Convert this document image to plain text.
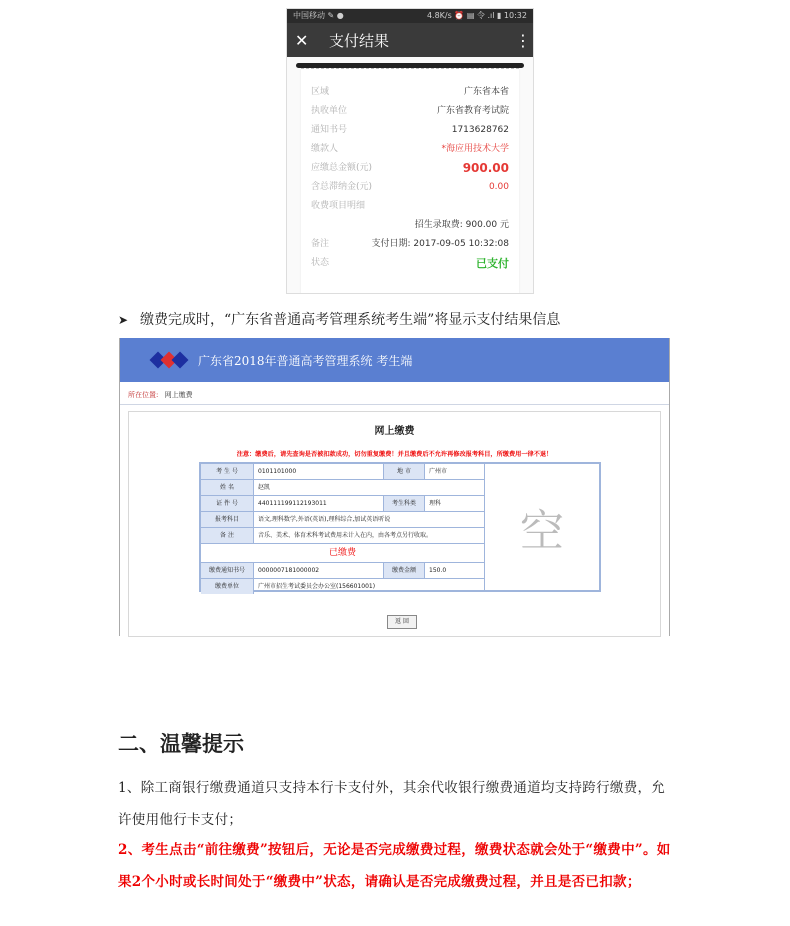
中国移动 ✎ ●	4.8K/s ⏰ ▤ 令 .ıl ▮ 10:32
✕	支付结果	⋮
区域	广东省本省
执收单位	广东省教育考试院
通知书号	1713628762
缴款人	*海应用技术大学
应缴总金额(元)	900.00
含总滞纳金(元)	0.00
收费项目明细
招生录取费: 900.00 元
备注	支付日期: 2017-09-05 10:32:08
状态	已支付
➤ 缴费完成时，“广东省普通高考管理系统考生端”将显示支付结果信息
广东省2018年普通高考管理系统 考生端
所在位置: 网上缴费
网上缴费
注意：缴费后，请先查询是否被扣款成功，切勿重复缴费！并且缴费后不允许再修改报考科目，所缴费用一律不退！
考 生 号	0101101000	地 市	广州市
姓 名	赵凯
证 件 号	440111199112193011	考生科类	理科
报考科目	语文,理科数学,外语(英语),理科综合,加试英语听说
备 注	音乐、美术、体育术科考试费用未计入在内，由各考点另行收取。
已缴费
缴费通知书号	0000007181000002	缴费金额	150.0
缴费单位	广州市招生考试委员会办公室(156601001)
空
返 回
二、温馨提示
1、除工商银行缴费通道只支持本行卡支付外，其余代收银行缴费通道均支持跨行缴费，允许使用他行卡支付；
2、考生点击“前往缴费”按钮后，无论是否完成缴费过程，缴费状态就会处于“缴费中”。如果2个小时或长时间处于“缴费中”状态，请确认是否完成缴费过程，并且是否已扣款；
